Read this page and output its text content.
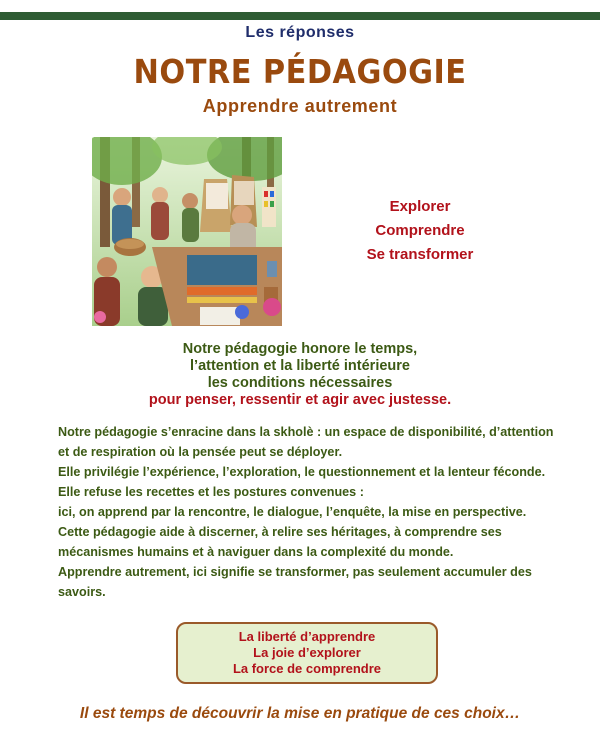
Les réponses
NOTRE PÉDAGOGIE
Apprendre autrement
Explorer
Comprendre
Se transformer
Notre pédagogie honore le temps,
l’attention et la liberté intérieure
les conditions nécessaires
pour penser, ressentir et agir avec justesse.

Notre pédagogie s’enracine dans la skholè : un espace de disponibilité, d’attention et de respiration où la pensée peut se déployer.

Elle privilégie l’expérience, l’exploration, le questionnement et la lenteur féconde.

Elle refuse les recettes et les postures convenues :

ici, on apprend par la rencontre, le dialogue, l’enquête, la mise en perspective.

Cette pédagogie aide à discerner, à relire ses héritages, à comprendre ses mécanismes humains et à naviguer dans la complexité du monde.

Apprendre autrement, ici signifie se transformer, pas seulement accumuler des savoirs.

La liberté d’apprendre
La joie d’explorer
La force de comprendre
Il est temps de découvrir la mise en pratique de ces choix…
